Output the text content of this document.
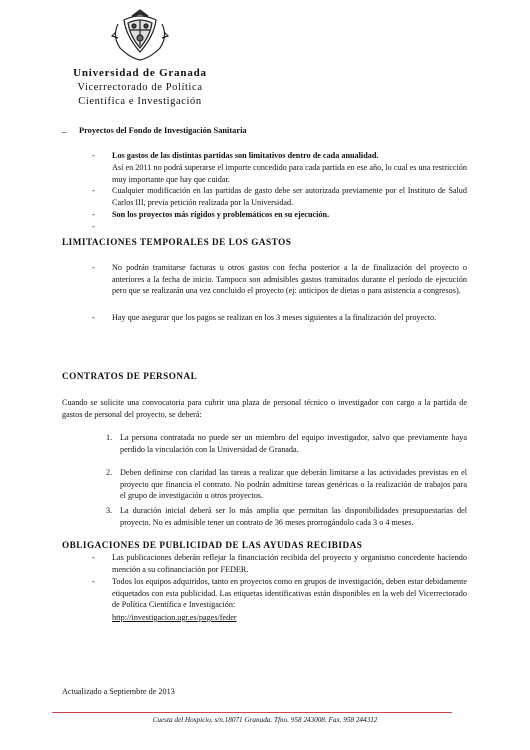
Universidad de Granada
Vicerrectorado de Política
Científica e Investigación
_ Proyectos del Fondo de Investigación Sanitaria
-	Los gastos de las distintas partidas son limitativos dentro de cada anualidad.
Así en 2011 no podrá superarse el importe concedido para cada partida en ese año, lo cual es una restricción muy importante que hay que cuidar.
-	Cualquier modificación en las partidas de gasto debe ser autorizada previamente por el Instituto de Salud Carlos III, previa petición realizada por la Universidad.
-	Son los proyectos más rígidos y problemáticos en su ejecución.
-
LIMITACIONES TEMPORALES DE LOS GASTOS
-	No podrán tramitarse facturas u otros gastos con fecha posterior a la de finalización del proyecto o anteriores a la fecha de inicio. Tampoco son admisibles gastos tramitados durante el período de ejecución pero que se realizarán una vez concluido el proyecto (ej: anticipos de dietas o para asistencia a congresos).
-	Hay que asegurar que los pagos se realizan en los 3 meses siguientes a la finalización del proyecto.
CONTRATOS DE PERSONAL
Cuando se solicite una convocatoria para cubrir una plaza de personal técnico o investigador con cargo a la partida de gastos de personal del proyecto, se deberá:
1. La persona contratada no puede ser un miembro del equipo investigador, salvo que previamente haya perdido la vinculación con la Universidad de Granada.
2. Deben definirse con claridad las tareas a realizar que deberán limitarse a las actividades previstas en el proyecto que financia el contrato. No podrán admitirse tareas genéricas o la realización de trabajos para el grupo de investigación u otros proyectos.
3. La duración inicial deberá ser lo más amplia que permitan las disponibilidades presupuestarias del proyecto. No es admisible tener un contrato de 36 meses prorrogándolo cada 3 o 4 meses.
OBLIGACIONES DE PUBLICIDAD DE LAS AYUDAS RECIBIDAS
-	Las publicaciones deberán reflejar la financiación recibida del proyecto y organismo concedente haciendo mención a su cofinanciación por FEDER.
-	Todos los equipos adquiridos, tanto en proyectos como en grupos de investigación, deben estar debidamente etiquetados con esta publicidad. Las etiquetas identificativas están disponibles en la web del Vicerrectorado de Política Científica e Investigación:
http://investigacion.ugr.es/pages/feder
Actualizado a Septiembre de 2013
Cuesta del Hospicio, s/n.18071 Granada. Tfno. 958 243008. Fax. 958 244312
